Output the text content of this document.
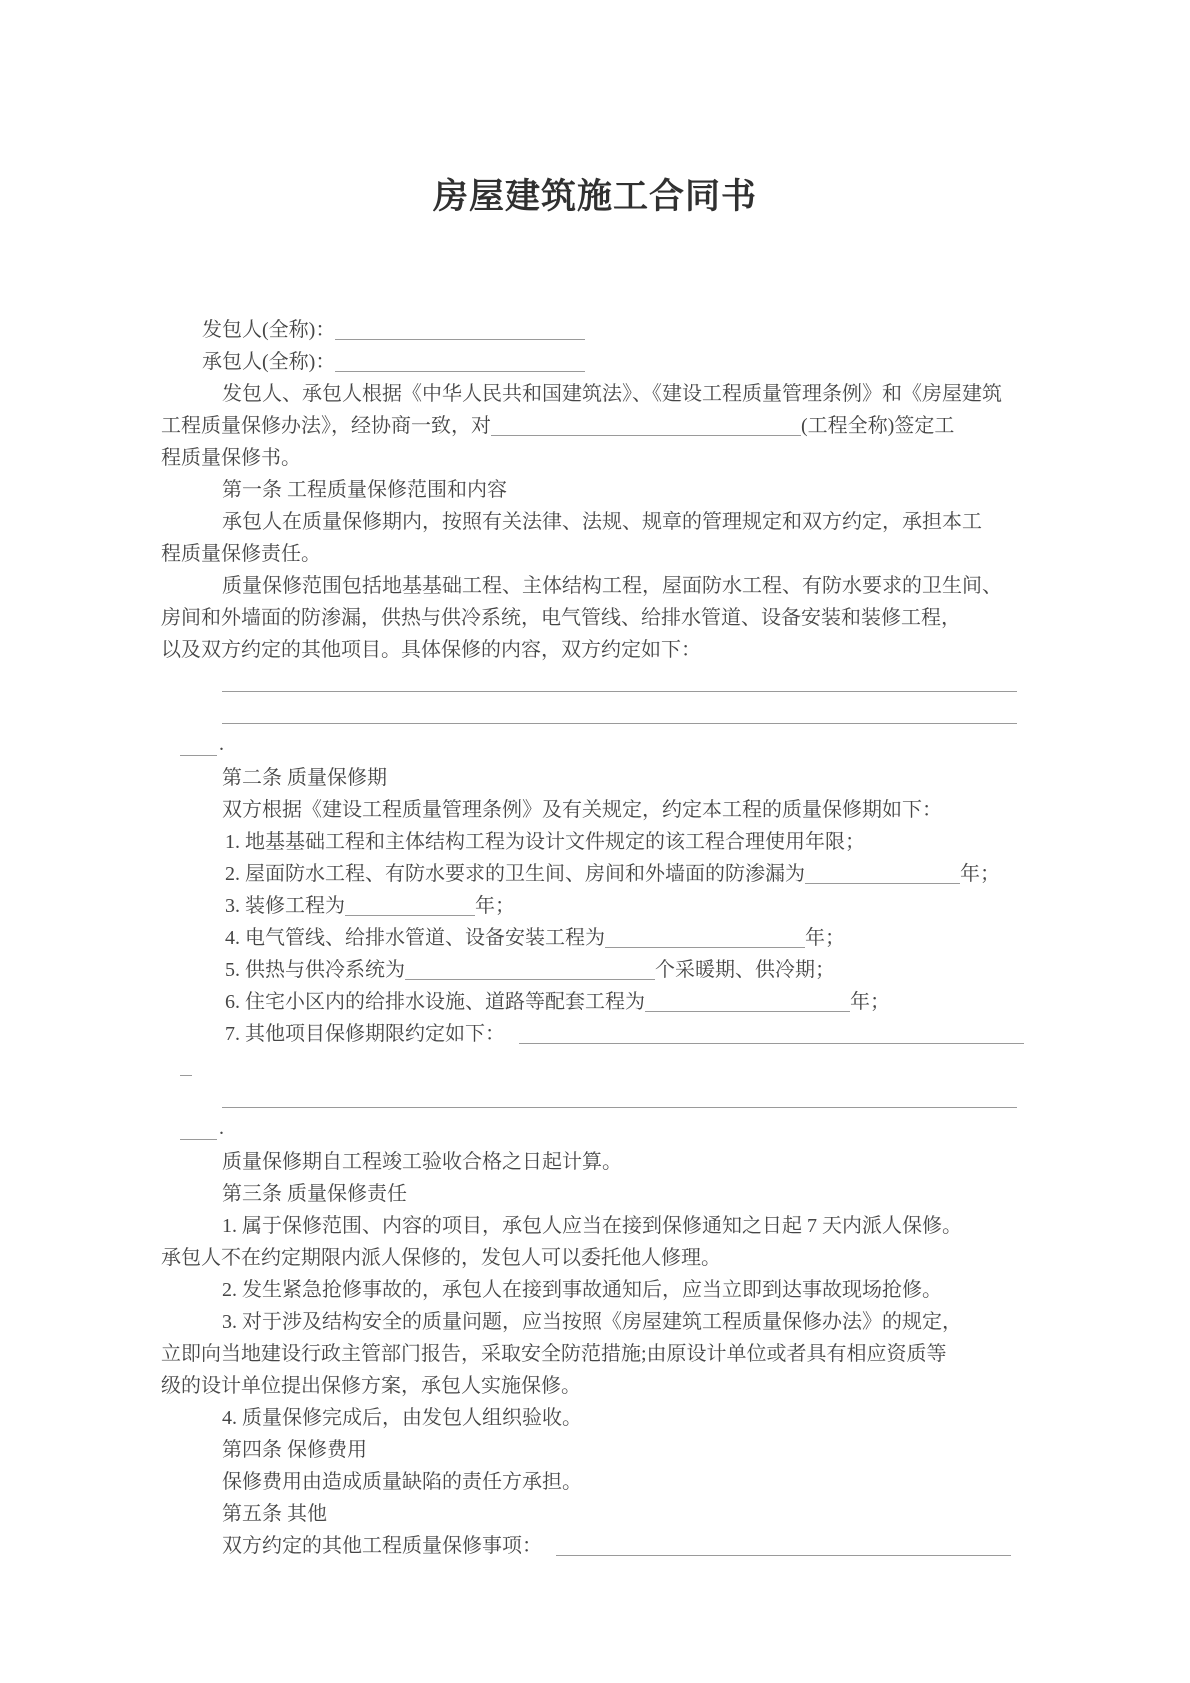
房屋建筑施工合同书
发包人(全称)：
承包人(全称)：
发包人、承包人根据《中华人民共和国建筑法》、《建设工程质量管理条例》和《房屋建筑
工程质量保修办法》，经协商一致，对	(工程全称)签定工
程质量保修书。
第一条 工程质量保修范围和内容
承包人在质量保修期内，按照有关法律、法规、规章的管理规定和双方约定，承担本工
程质量保修责任。
质量保修范围包括地基基础工程、主体结构工程，屋面防水工程、有防水要求的卫生间、
房间和外墙面的防渗漏，供热与供冷系统，电气管线、给排水管道、设备安装和装修工程，
以及双方约定的其他项目。具体保修的内容，双方约定如下：
.
第二条 质量保修期
双方根据《建设工程质量管理条例》及有关规定，约定本工程的质量保修期如下：
1. 地基基础工程和主体结构工程为设计文件规定的该工程合理使用年限；
2. 屋面防水工程、有防水要求的卫生间、房间和外墙面的防渗漏为	年；
3. 装修工程为	年；
4. 电气管线、给排水管道、设备安装工程为	年；
5. 供热与供冷系统为	个采暖期、供冷期；
6. 住宅小区内的给排水设施、道路等配套工程为	年；
7. 其他项目保修期限约定如下：
.
质量保修期自工程竣工验收合格之日起计算。
第三条 质量保修责任
1. 属于保修范围、内容的项目，承包人应当在接到保修通知之日起 7 天内派人保修。
承包人不在约定期限内派人保修的，发包人可以委托他人修理。
2. 发生紧急抢修事故的，承包人在接到事故通知后，应当立即到达事故现场抢修。
3. 对于涉及结构安全的质量问题，应当按照《房屋建筑工程质量保修办法》的规定，
立即向当地建设行政主管部门报告，采取安全防范措施;由原设计单位或者具有相应资质等
级的设计单位提出保修方案，承包人实施保修。
4. 质量保修完成后，由发包人组织验收。
第四条 保修费用
保修费用由造成质量缺陷的责任方承担。
第五条 其他
双方约定的其他工程质量保修事项：
